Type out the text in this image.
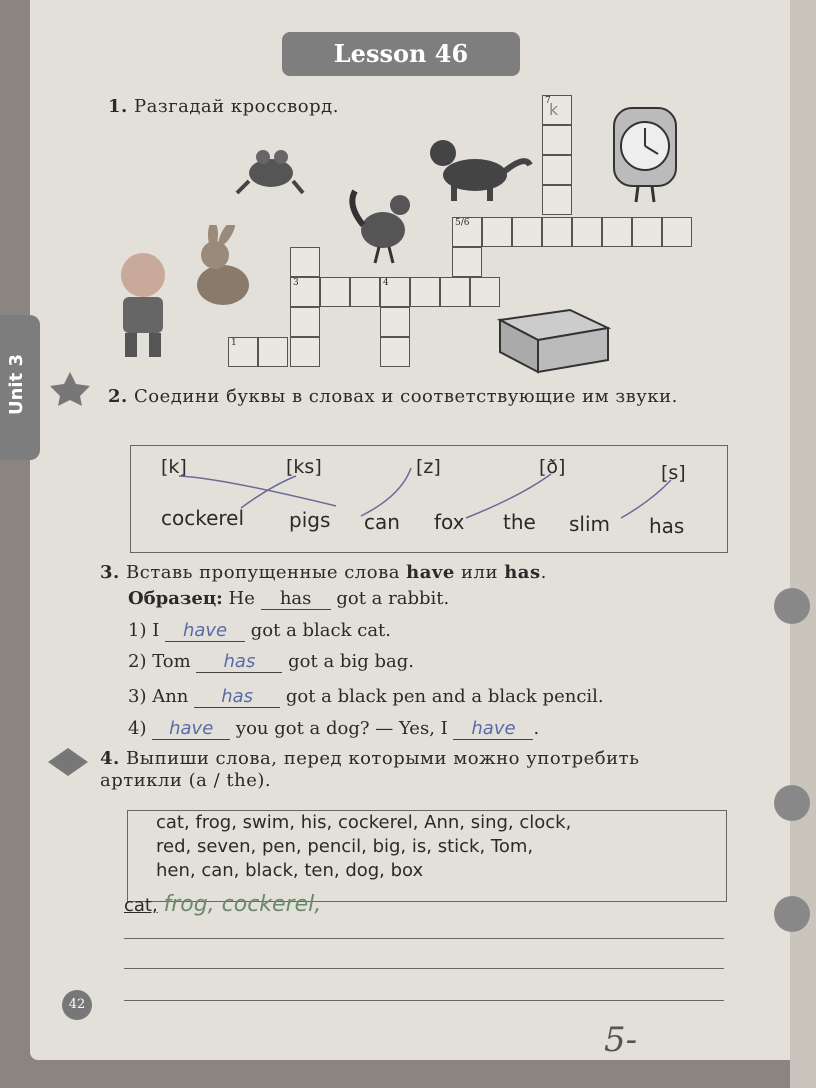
Unit 3
Lesson 46
1. Разгадай кроссворд.	7
k
5/6
3	4
1
2. Соедини буквы в словах и соответствующие им звуки.
[k]	[ks]	[z]	[ð]	[s]
cockerel pigs can fox the slim has
3. Вставь пропущенные слова have или has.
Образец: He has got a rabbit.
1) I have got a black cat.
2) Tom has got a big bag.
3) Ann has got a black pen and a black pencil.
4) have you got a dog? — Yes, I have .
4. Выпиши слова, перед которыми можно употребить артикли (a / the).
cat, frog, swim, his, cockerel, Ann, sing, clock,
red, seven, pen, pencil, big, is, stick, Tom,
hen, can, black, ten, dog, box
cat, frog, cockerel,
42
5-
